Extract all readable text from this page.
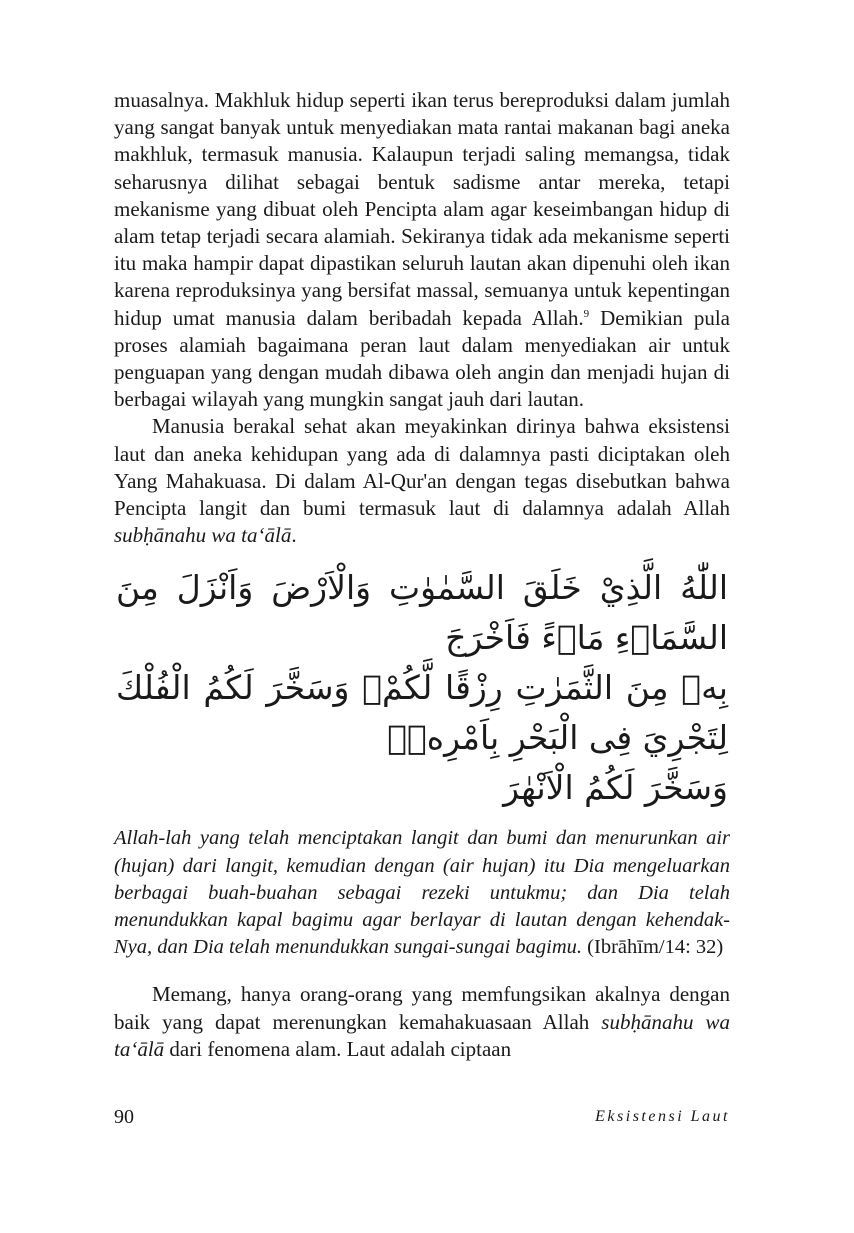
muasalnya. Makhluk hidup seperti ikan terus bereproduksi dalam jumlah yang sangat banyak untuk menyediakan mata rantai makanan bagi aneka makhluk, termasuk manusia. Kalaupun terjadi saling memangsa, tidak seharusnya dilihat sebagai bentuk sadisme antar mereka, tetapi mekanisme yang dibuat oleh Pencipta alam agar keseimbangan hidup di alam tetap terjadi secara alamiah. Sekiranya tidak ada mekanisme seperti itu maka hampir dapat dipastikan seluruh lautan akan dipenuhi oleh ikan karena reproduksinya yang bersifat massal, semuanya untuk kepentingan hidup umat manusia dalam beribadah kepada Allah.$^9$ Demikian pula proses alamiah bagaimana peran laut dalam menyediakan air untuk penguapan yang dengan mudah dibawa oleh angin dan menjadi hujan di berbagai wilayah yang mungkin sangat jauh dari lautan.

Manusia berakal sehat akan meyakinkan dirinya bahwa eksistensi laut dan aneka kehidupan yang ada di dalamnya pasti diciptakan oleh Yang Mahakuasa. Di dalam Al-Qur'an dengan tegas disebutkan bahwa Pencipta langit dan bumi termasuk laut di dalamnya adalah Allah subḥānahu wa ta‘ālā.

اللّٰهُ الَّذِيْ خَلَقَ السَّمٰوٰتِ وَالْاَرْضَ وَاَنْزَلَ مِنَ السَّمَاۤءِ مَاۤءً فَاَخْرَجَ
بِهٖ مِنَ الثَّمَرٰتِ رِزْقًا لَّكُمْۚ وَسَخَّرَ لَكُمُ الْفُلْكَ لِتَجْرِيَ فِى الْبَحْرِ بِاَمْرِهٖۚ
وَسَخَّرَ لَكُمُ الْاَنْهٰرَ

Allah-lah yang telah menciptakan langit dan bumi dan menurunkan air (hujan) dari langit, kemudian dengan (air hujan) itu Dia mengeluarkan berbagai buah-buahan sebagai rezeki untukmu; dan Dia telah menundukkan kapal bagimu agar berlayar di lautan dengan kehendak-Nya, dan Dia telah menundukkan sungai-sungai bagimu. (Ibrāhīm/14: 32)

Memang, hanya orang-orang yang memfungsikan akalnya dengan baik yang dapat merenungkan kemahakuasaan Allah subḥānahu wa ta‘ālā dari fenomena alam. Laut adalah ciptaan

90	Eksistensi Laut
